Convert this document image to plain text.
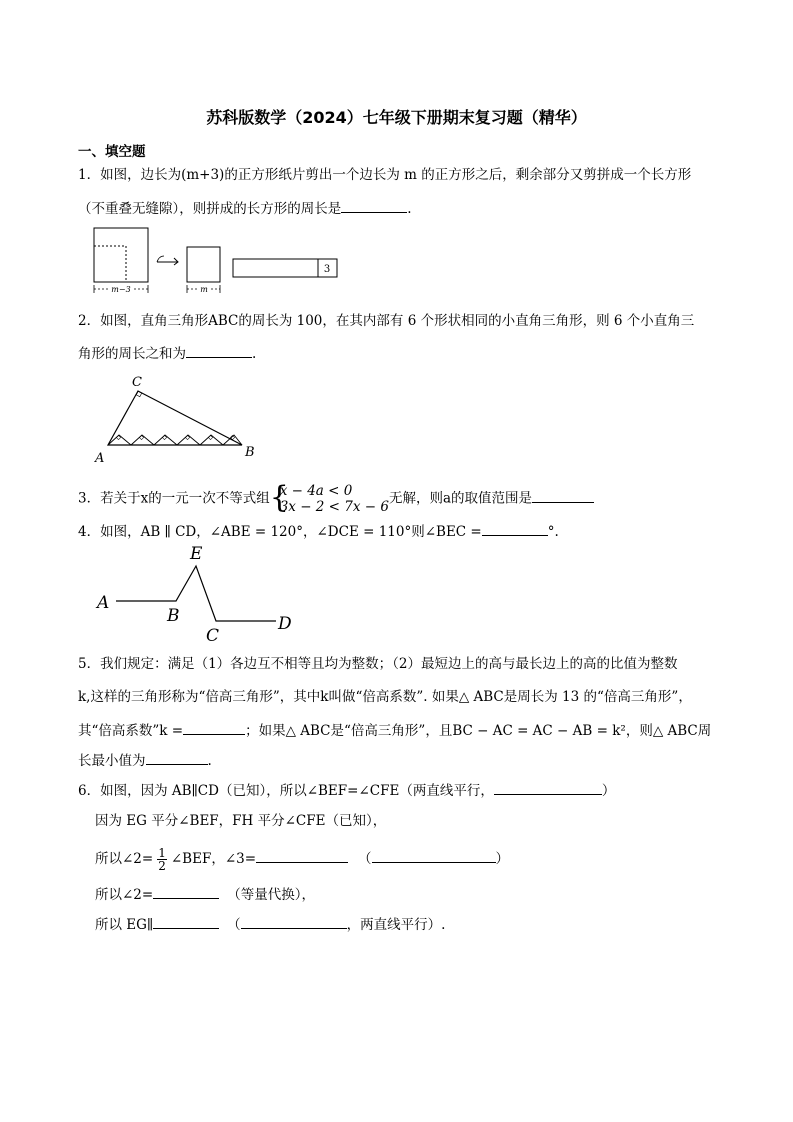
苏科版数学（2024）七年级下册期末复习题（精华）
一、填空题
1．如图，边长为(m+3)的正方形纸片剪出一个边长为 m 的正方形之后，剩余部分又剪拼成一个长方形
（不重叠无缝隙），则拼成的长方形的周长是	.
m−3	m
3
2．如图，直角三角形ABC的周长为 100，在其内部有 6 个形状相同的小直角三角形，则 6 个小直角三
角形的周长之和为	.
C
A	B
3．若关于x的一元一次不等式组 {
x − 4a < 0
3x − 2 < 7x − 6
无解，则a的取值范围是
4．如图，AB ∥ CD，∠ABE = 120°，∠DCE = 110°则∠BEC =	°.
A
B
E
C
D
5．我们规定：满足（1）各边互不相等且均为整数；（2）最短边上的高与最长边上的高的比值为整数
k,这样的三角形称为“倍高三角形”，其中k叫做“倍高系数”. 如果△ ABC是周长为 13 的“倍高三角形”，
其“倍高系数”k =	；如果△ ABC是“倍高三角形”，且BC − AC = AC − AB = k²，则△ ABC周
长最小值为	.
6．如图，因为 AB∥CD（已知），所以∠BEF=∠CFE（两直线平行，	）
因为 EG 平分∠BEF，FH 平分∠CFE（已知），
所以∠2= $\frac{1}{2}$ ∠BEF，∠3=	（	）
所以∠2=	（等量代换），
所以 EG∥	（	，两直线平行）.
